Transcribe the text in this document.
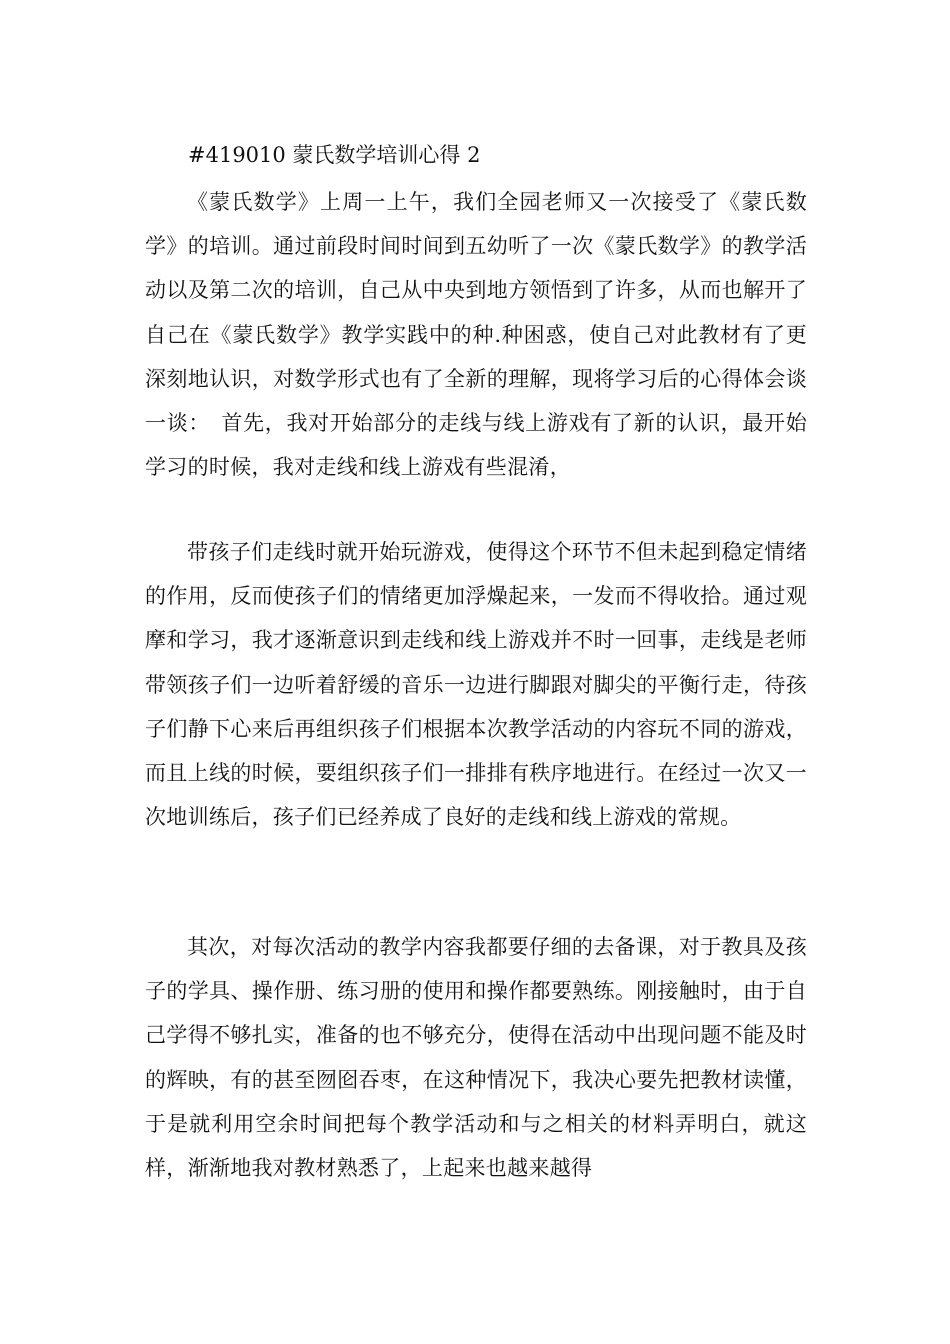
#419010 蒙氏数学培训心得 2

《蒙氏数学》上周一上午，我们全园老师又一次接受了《蒙氏数学》的培训。通过前段时间时间到五幼听了一次《蒙氏数学》的教学活动以及第二次的培训，自己从中央到地方领悟到了许多，从而也解开了自己在《蒙氏数学》教学实践中的种.种困惑，使自己对此教材有了更深刻地认识，对数学形式也有了全新的理解，现将学习后的心得体会谈一谈：　首先，我对开始部分的走线与线上游戏有了新的认识，最开始学习的时候，我对走线和线上游戏有些混淆，

带孩子们走线时就开始玩游戏，使得这个环节不但未起到稳定情绪的作用，反而使孩子们的情绪更加浮燥起来，一发而不得收拾。通过观摩和学习，我才逐渐意识到走线和线上游戏并不时一回事，走线是老师带领孩子们一边听着舒缓的音乐一边进行脚跟对脚尖的平衡行走，待孩子们静下心来后再组织孩子们根据本次教学活动的内容玩不同的游戏，而且上线的时候，要组织孩子们一排排有秩序地进行。在经过一次又一次地训练后，孩子们已经养成了良好的走线和线上游戏的常规。

其次，对每次活动的教学内容我都要仔细的去备课，对于教具及孩子的学具、操作册、练习册的使用和操作都要熟练。刚接触时，由于自己学得不够扎实，准备的也不够充分，使得在活动中出现问题不能及时的辉映，有的甚至囫囵吞枣，在这种情况下，我决心要先把教材读懂，于是就利用空余时间把每个教学活动和与之相关的材料弄明白，就这样，渐渐地我对教材熟悉了，上起来也越来越得
